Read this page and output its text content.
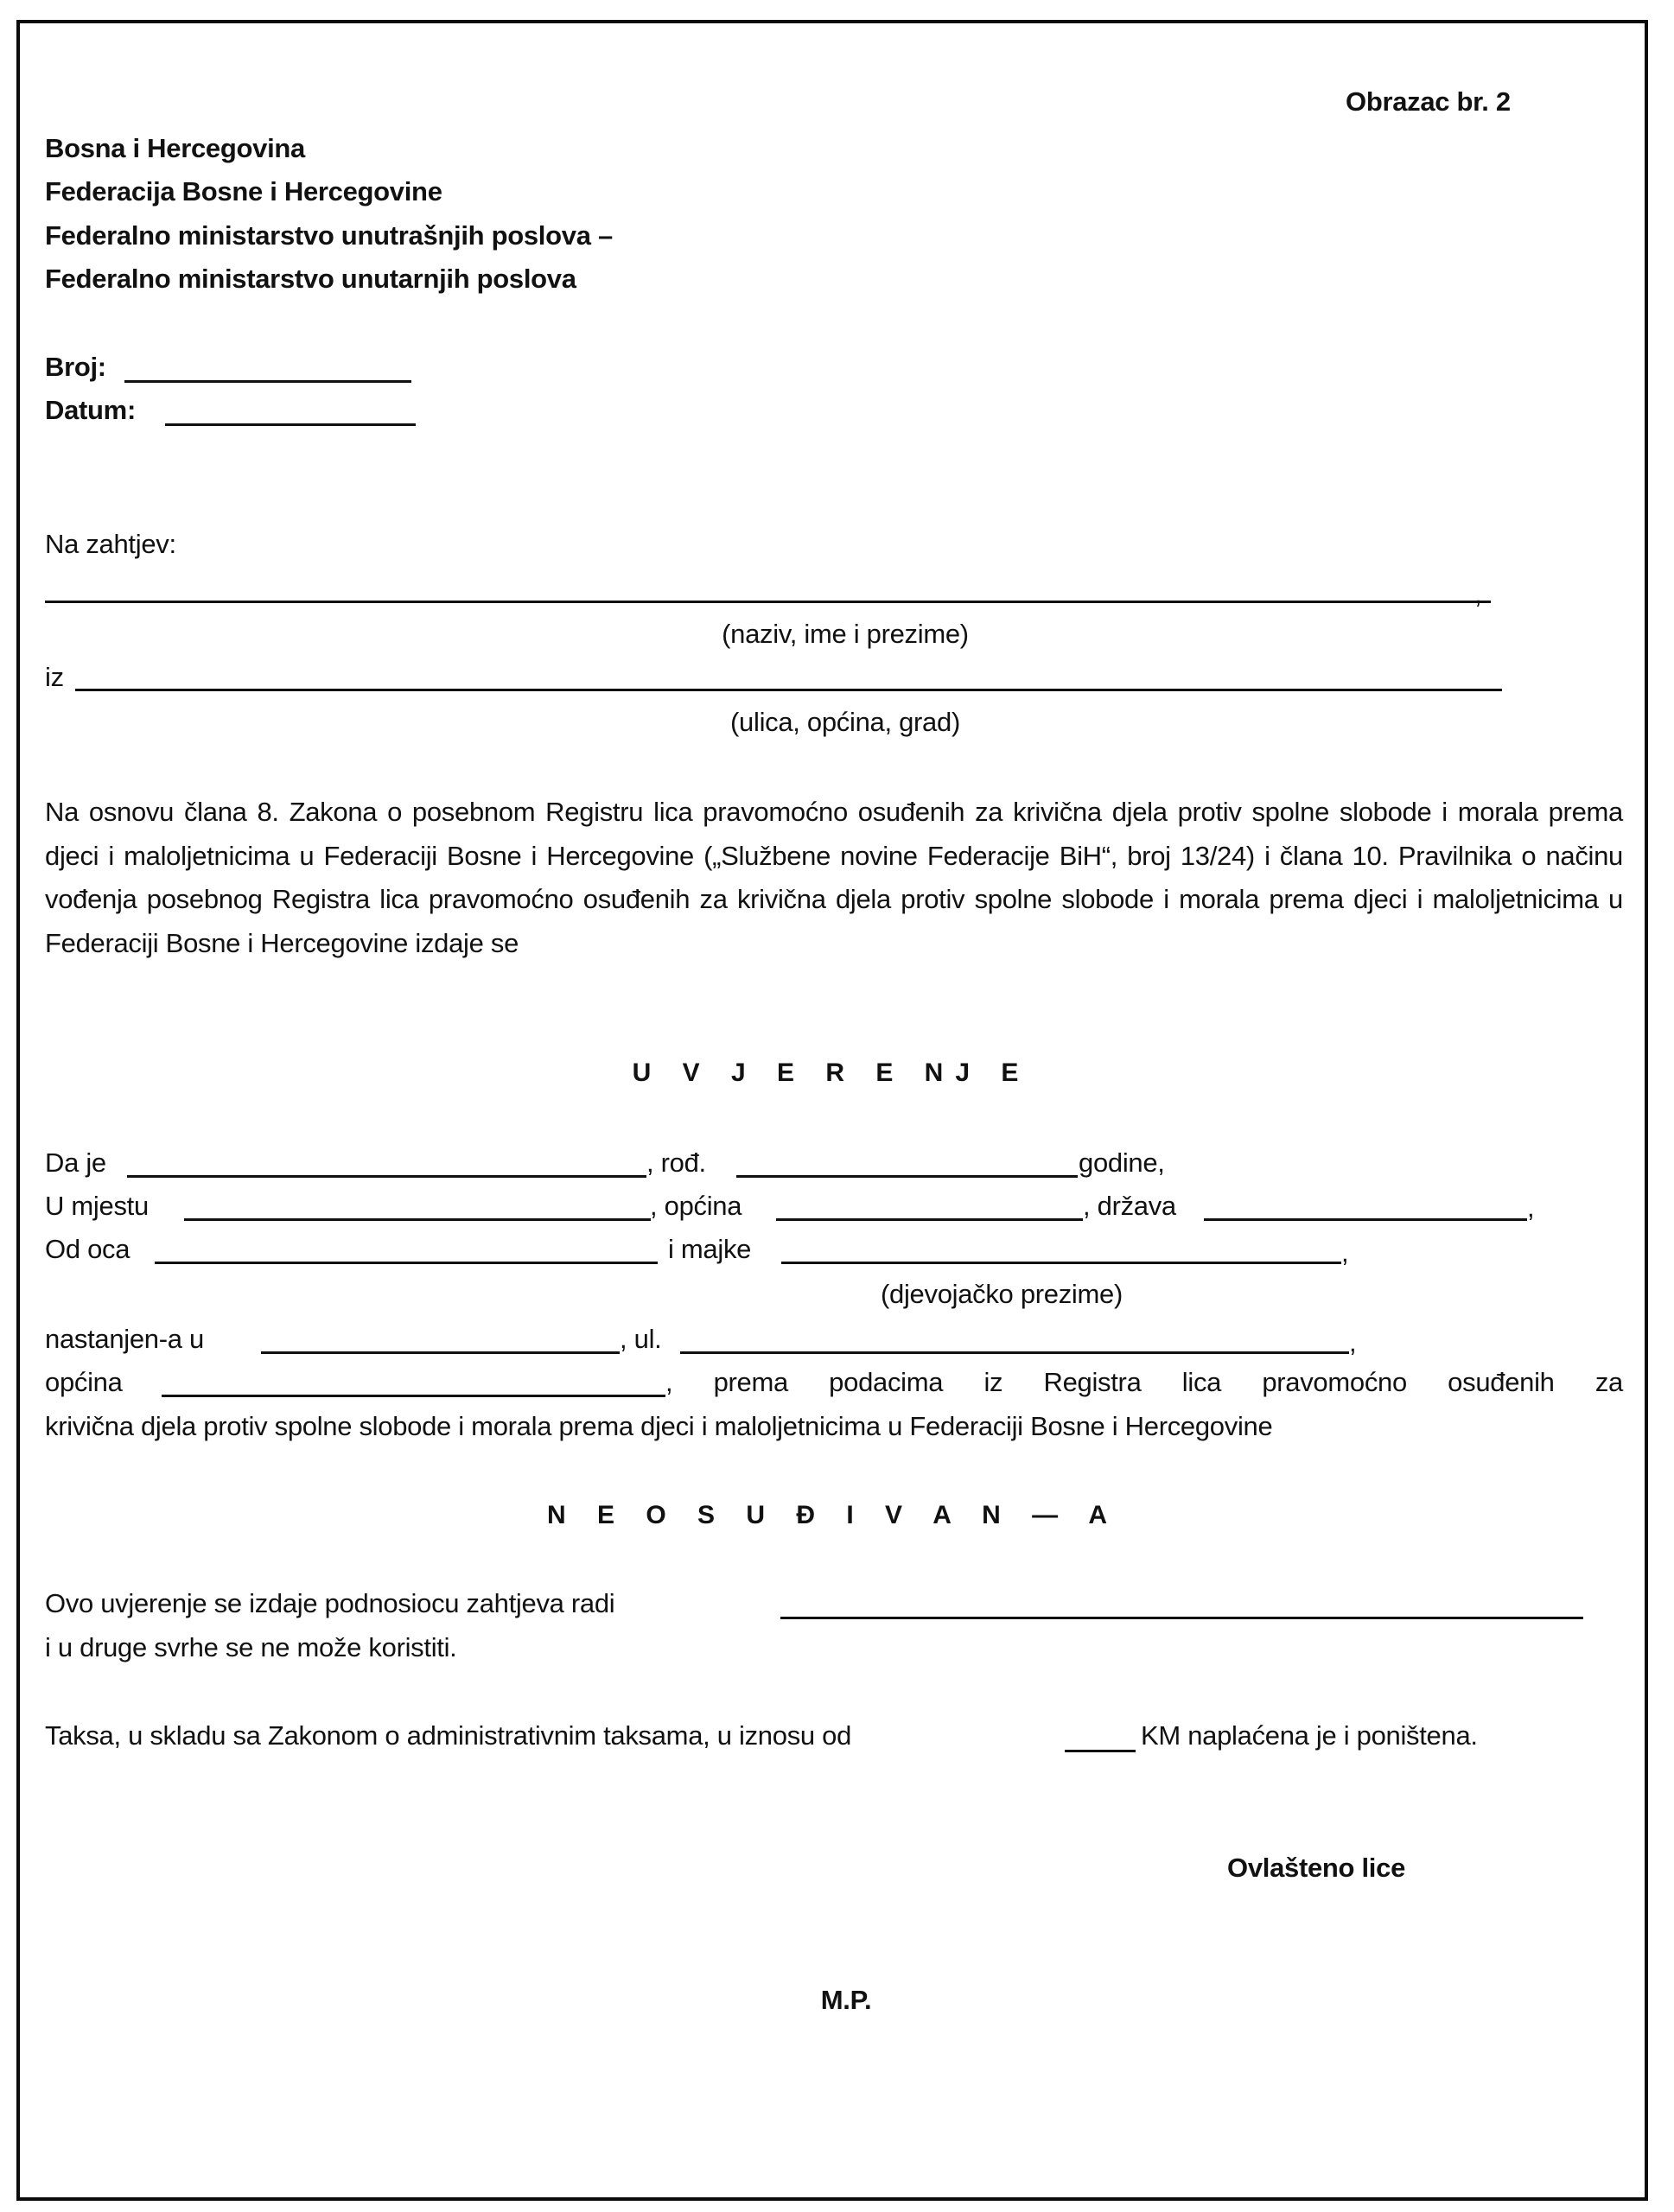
Obrazac br. 2
Bosna i Hercegovina
Federacija Bosne i Hercegovine
Federalno ministarstvo unutrašnjih poslova –
Federalno ministarstvo unutarnjih poslova
Broj:
Datum:
Na zahtjev:
,
(naziv, ime i prezime)
iz
(ulica, općina, grad)
Na osnovu člana 8. Zakona o posebnom Registru lica pravomoćno osuđenih za krivična djela protiv spolne slobode i morala prema djeci i maloljetnicima u Federaciji Bosne i Hercegovine („Službene novine Federacije BiH“, broj 13/24) i člana 10. Pravilnika o načinu vođenja posebnog Registra lica pravomoćno osuđenih za krivična djela protiv spolne slobode i morala prema djeci i maloljetnicima u Federaciji Bosne i Hercegovine izdaje se
U V J E R E NJ E
Da je	, rođ.	godine,
U mjestu	, općina	, država	,
Od oca	i majke	,
(djevojačko prezime)
nastanjen-a u	, ul.	,
općina	, prema podacima iz Registra lica pravomoćno osuđenih za
krivična djela protiv spolne slobode i morala prema djeci i maloljetnicima u Federaciji Bosne i Hercegovine
N E O S U Đ I V A N — A
Ovo uvjerenje se izdaje podnosiocu zahtjeva radi
i u druge svrhe se ne može koristiti.
Taksa, u skladu sa Zakonom o administrativnim taksama, u iznosu od	KM naplaćena je i poništena.
Ovlašteno lice
M.P.
